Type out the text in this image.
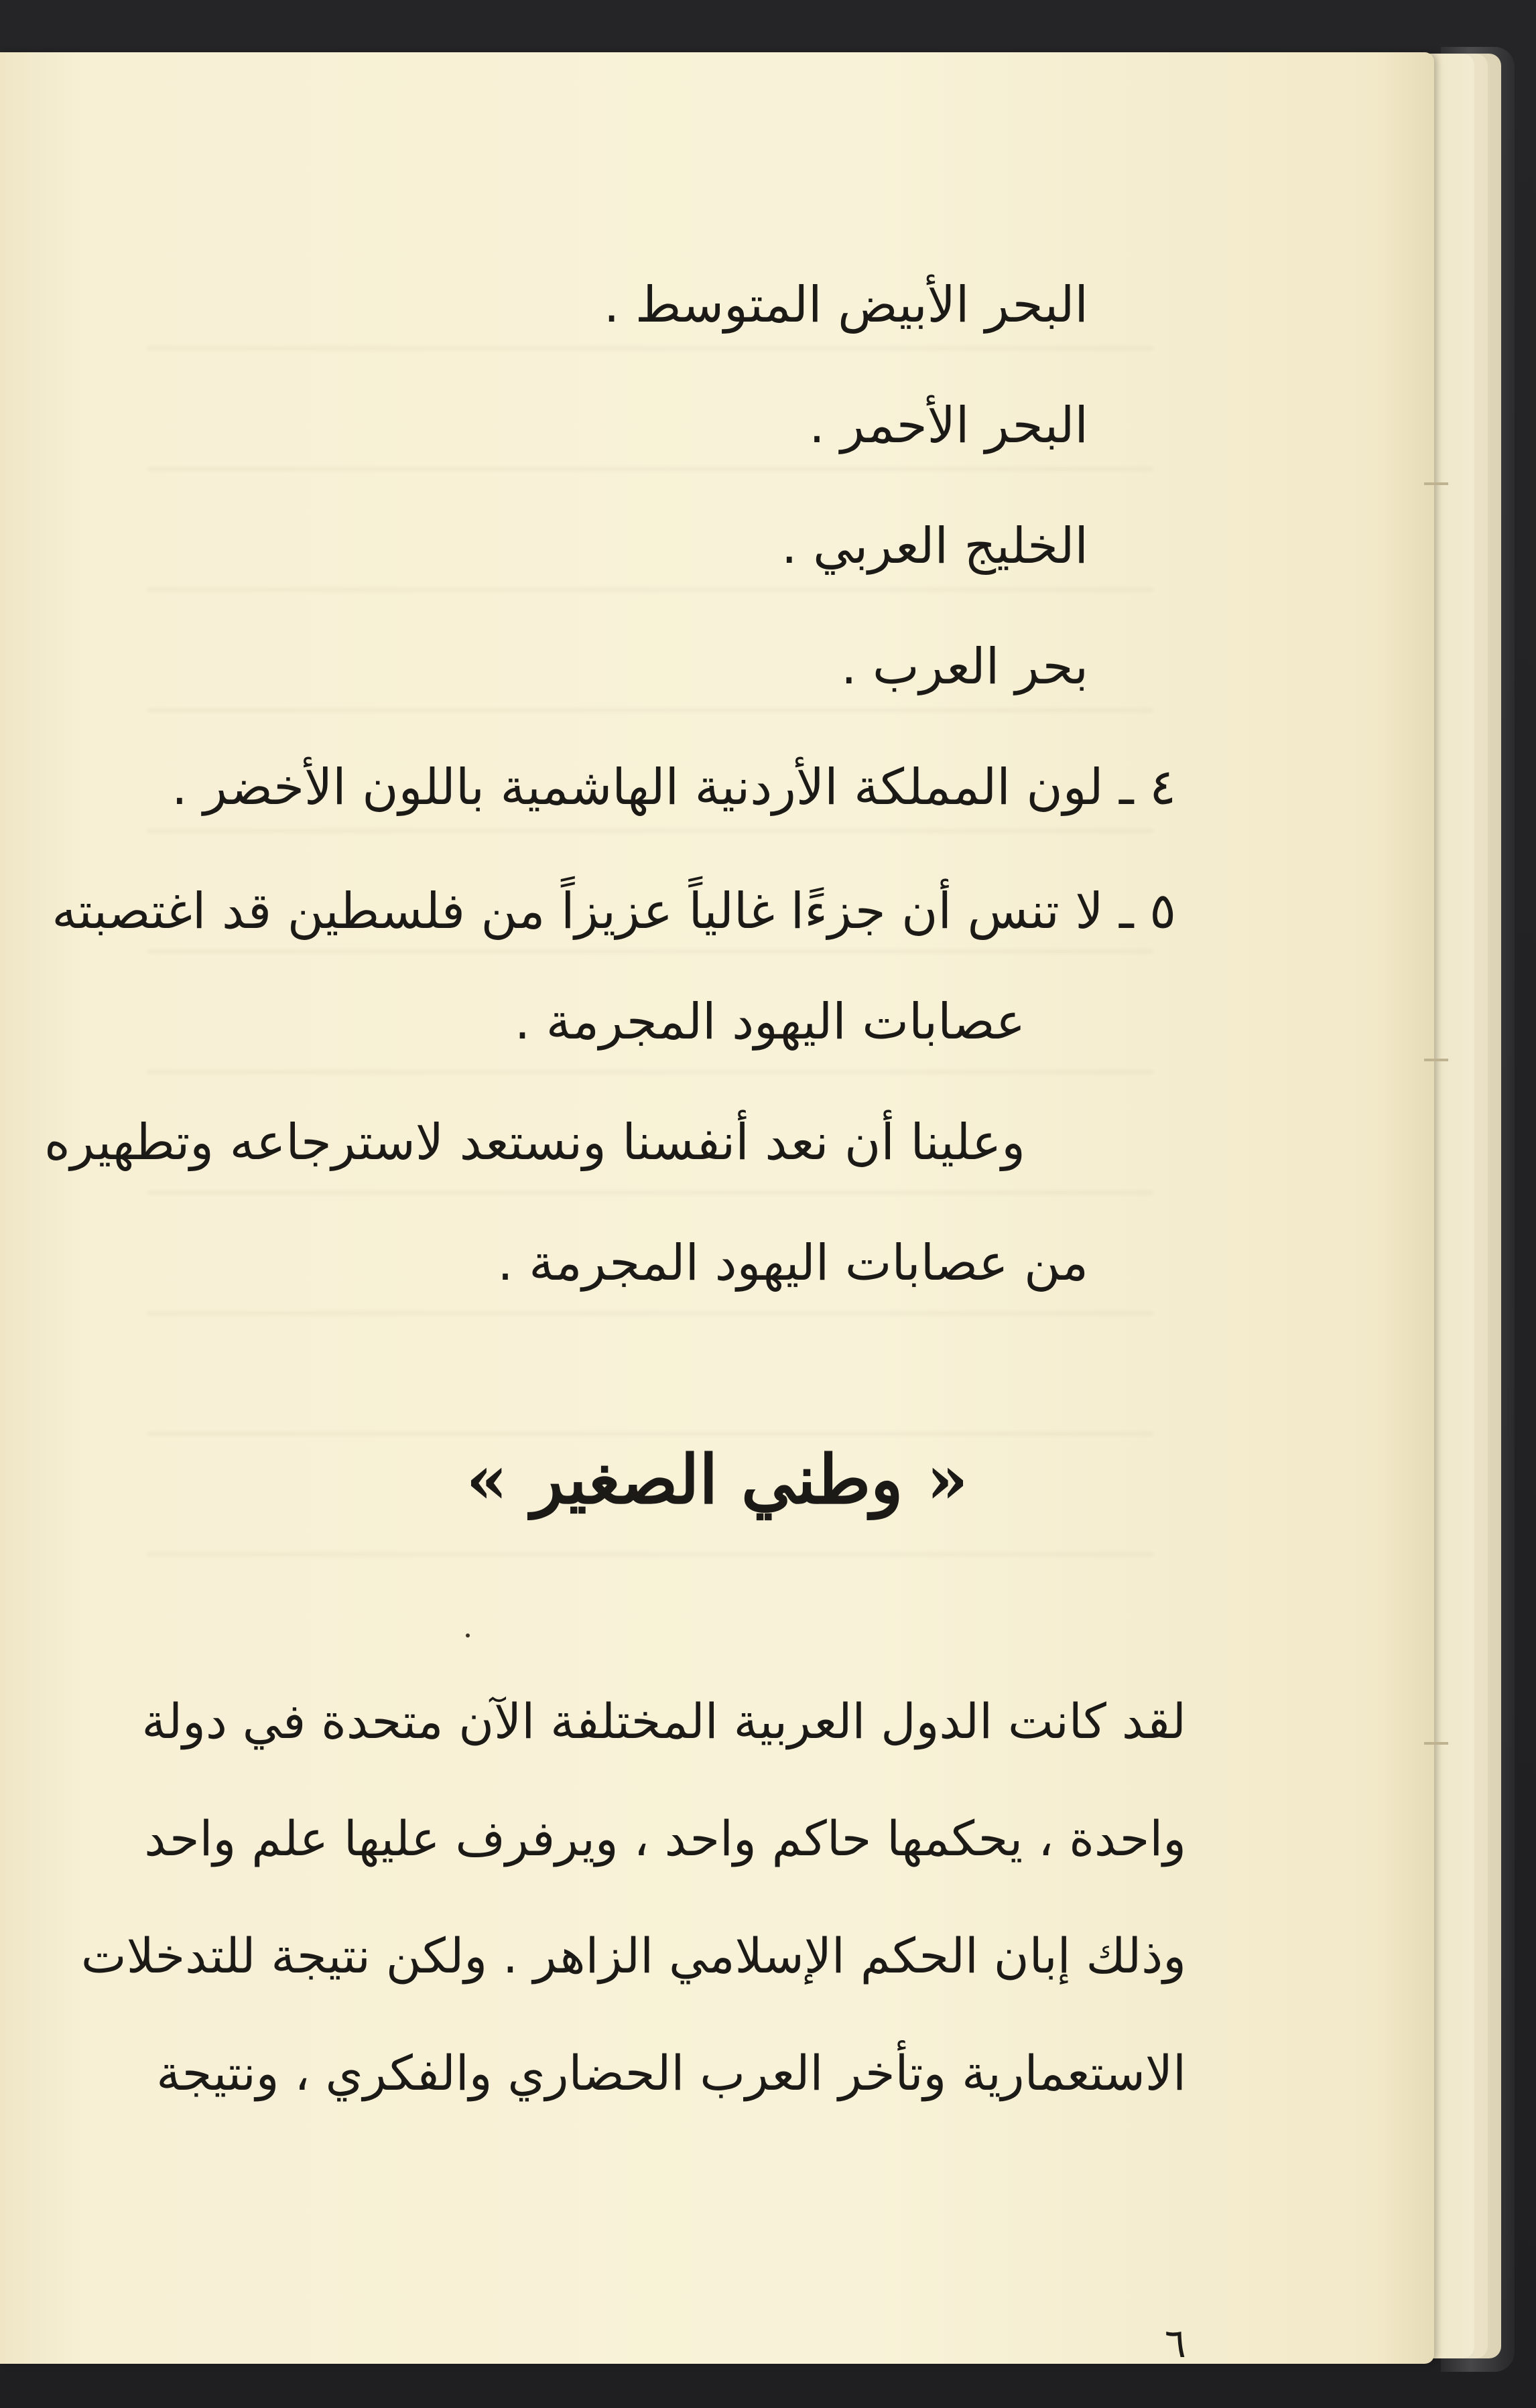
البحر الأبيض المتوسط .
البحر الأحمر .
الخليج العربي .
بحر العرب .
٤ ـ لون المملكة الأردنية الهاشمية باللون الأخضر .
٥ ـ لا تنس أن جزءًا غالياً عزيزاً من فلسطين قد اغتصبته
عصابات اليهود المجرمة .
وعلينا أن نعد أنفسنا ونستعد لاسترجاعه وتطهيره
من عصابات اليهود المجرمة .
« وطني الصغير »
لقد كانت الدول العربية المختلفة الآن متحدة في دولة
واحدة ، يحكمها حاكم واحد ، ويرفرف عليها علم واحد
وذلك إبان الحكم الإسلامي الزاهر . ولكن نتيجة للتدخلات
الاستعمارية وتأخر العرب الحضاري والفكري ، ونتيجة
٦
